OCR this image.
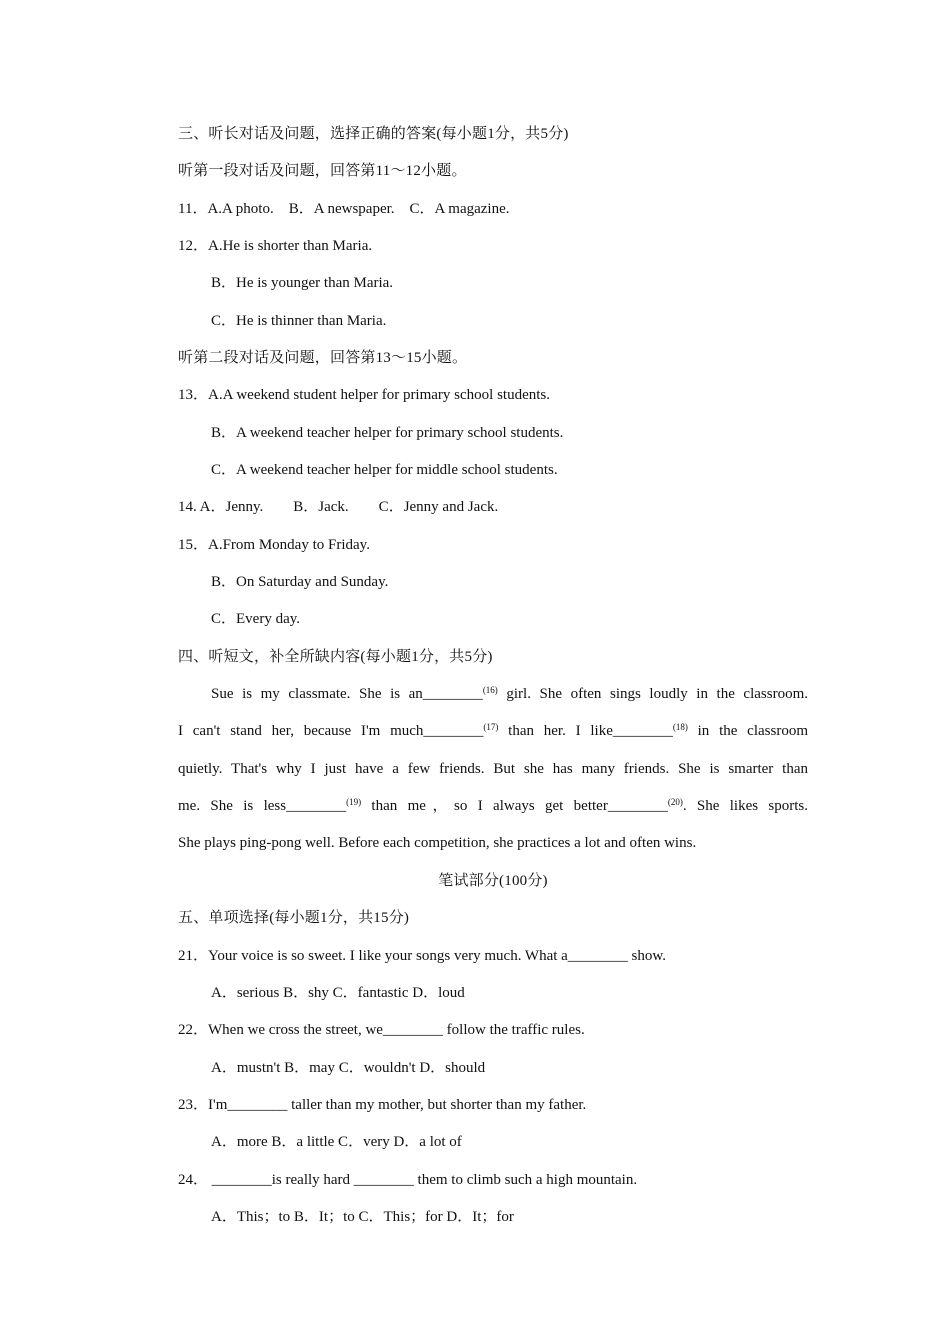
三、听长对话及问题，选择正确的答案(每小题1分，共5分)
听第一段对话及问题，回答第11～12小题。
11．A.A photo.　B．A newspaper.　C．A magazine.
12．A.He is shorter than Maria.
B．He is younger than Maria.
C．He is thinner than Maria.
听第二段对话及问题，回答第13～15小题。
13．A.A weekend student helper for primary school students.
B．A weekend teacher helper for primary school students.
C．A weekend teacher helper for middle school students.
14. A．Jenny.　　B．Jack.　　C．Jenny and Jack.
15．A.From Monday to Friday.
B．On Saturday and Sunday.
C．Every day.
四、听短文，补全所缺内容(每小题1分，共5分)
Sue is my classmate. She is an________$^{(16)}$ girl. She often sings loudly in the classroom.
I can't stand her, because I'm much________$^{(17)}$ than her. I like________$^{(18)}$ in the classroom
quietly. That's why I just have a few friends. But she has many friends. She is smarter than
me. She is less________$^{(19)}$ than me，so I always get better________$^{(20)}$. She likes sports.
She plays ping-pong well. Before each competition, she practices a lot and often wins.
笔试部分(100分)
五、单项选择(每小题1分，共15分)
21．Your voice is so sweet. I like your songs very much. What a________ show.
A．serious B．shy C．fantastic D．loud
22．When we cross the street, we________ follow the traffic rules.
A．mustn't B．may C．wouldn't D．should
23．I'm________ taller than my mother, but shorter than my father.
A．more B．a little C．very D．a lot of
24． ________is really hard ________ them to climb such a high mountain.
A．This；to B．It；to C．This；for D．It；for
